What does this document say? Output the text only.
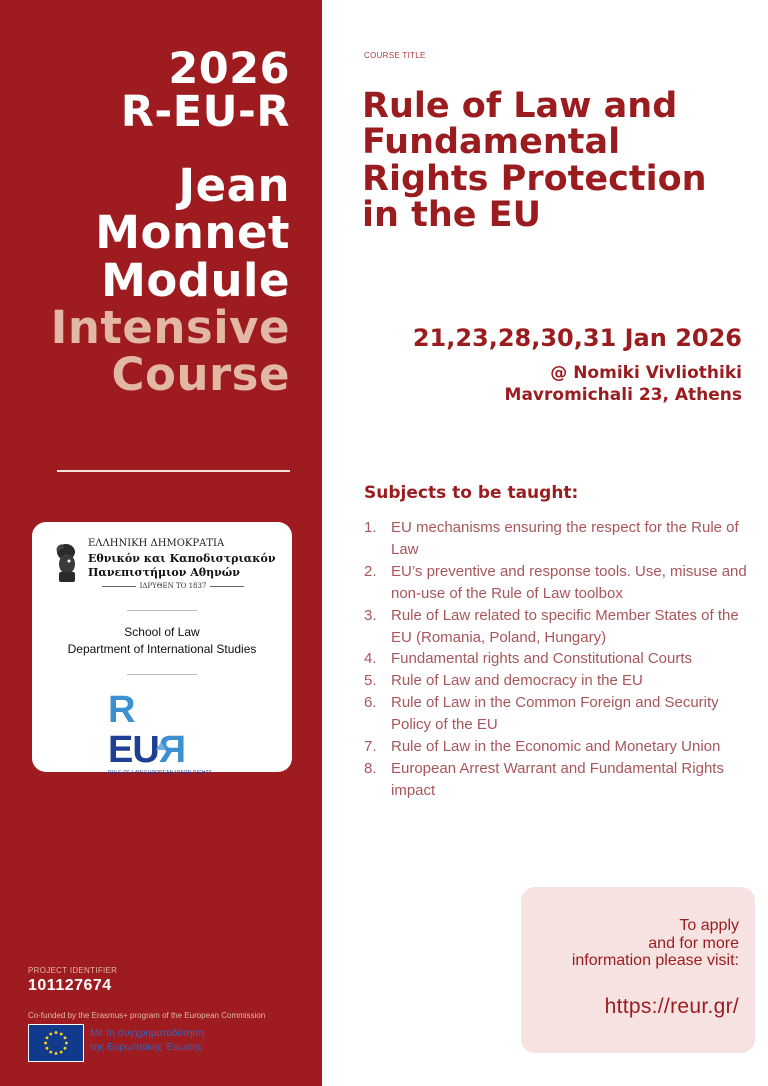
2026
R-EU-R
Jean
Monnet
Module
Intensive
Course
ΕΛΛΗΝΙΚΗ ΔΗΜΟΚΡΑΤΙΑ
Εθνικόν και Καποδιστριακόν
Πανεπιστήμιον Αθηνών
ΙΔΡΥΘΕΝ ΤΟ 1837
School of Law
Department of International Studies
R EUЯ
RULE OF LAW EUROPEAN UNION RIGHTS
PROJECT IDENTIFIER
101127674
Co-funded by the Erasmus+ program of the European Commission
Με τη συγχρηματοδότηση
της Ευρωπαϊκής Ένωσης
COURSE TITLE
Rule of Law and Fundamental Rights Protection in the EU
21,23,28,30,31 Jan 2026
@ Nomiki Vivliothiki
Mavromichali 23, Athens
Subjects to be taught:
1. EU mechanisms ensuring the respect for the Rule of Law
2. EU’s preventive and response tools. Use, misuse and non-use of the Rule of Law toolbox
3. Rule of Law related to specific Member States of the EU (Romania, Poland, Hungary)
4. Fundamental rights and Constitutional Courts
5. Rule of Law and democracy in the EU
6. Rule of Law in the Common Foreign and Security Policy of the EU
7. Rule of Law in the Economic and Monetary Union
8. European Arrest Warrant and Fundamental Rights impact
To apply
and for more
information please visit:
https://reur.gr/
